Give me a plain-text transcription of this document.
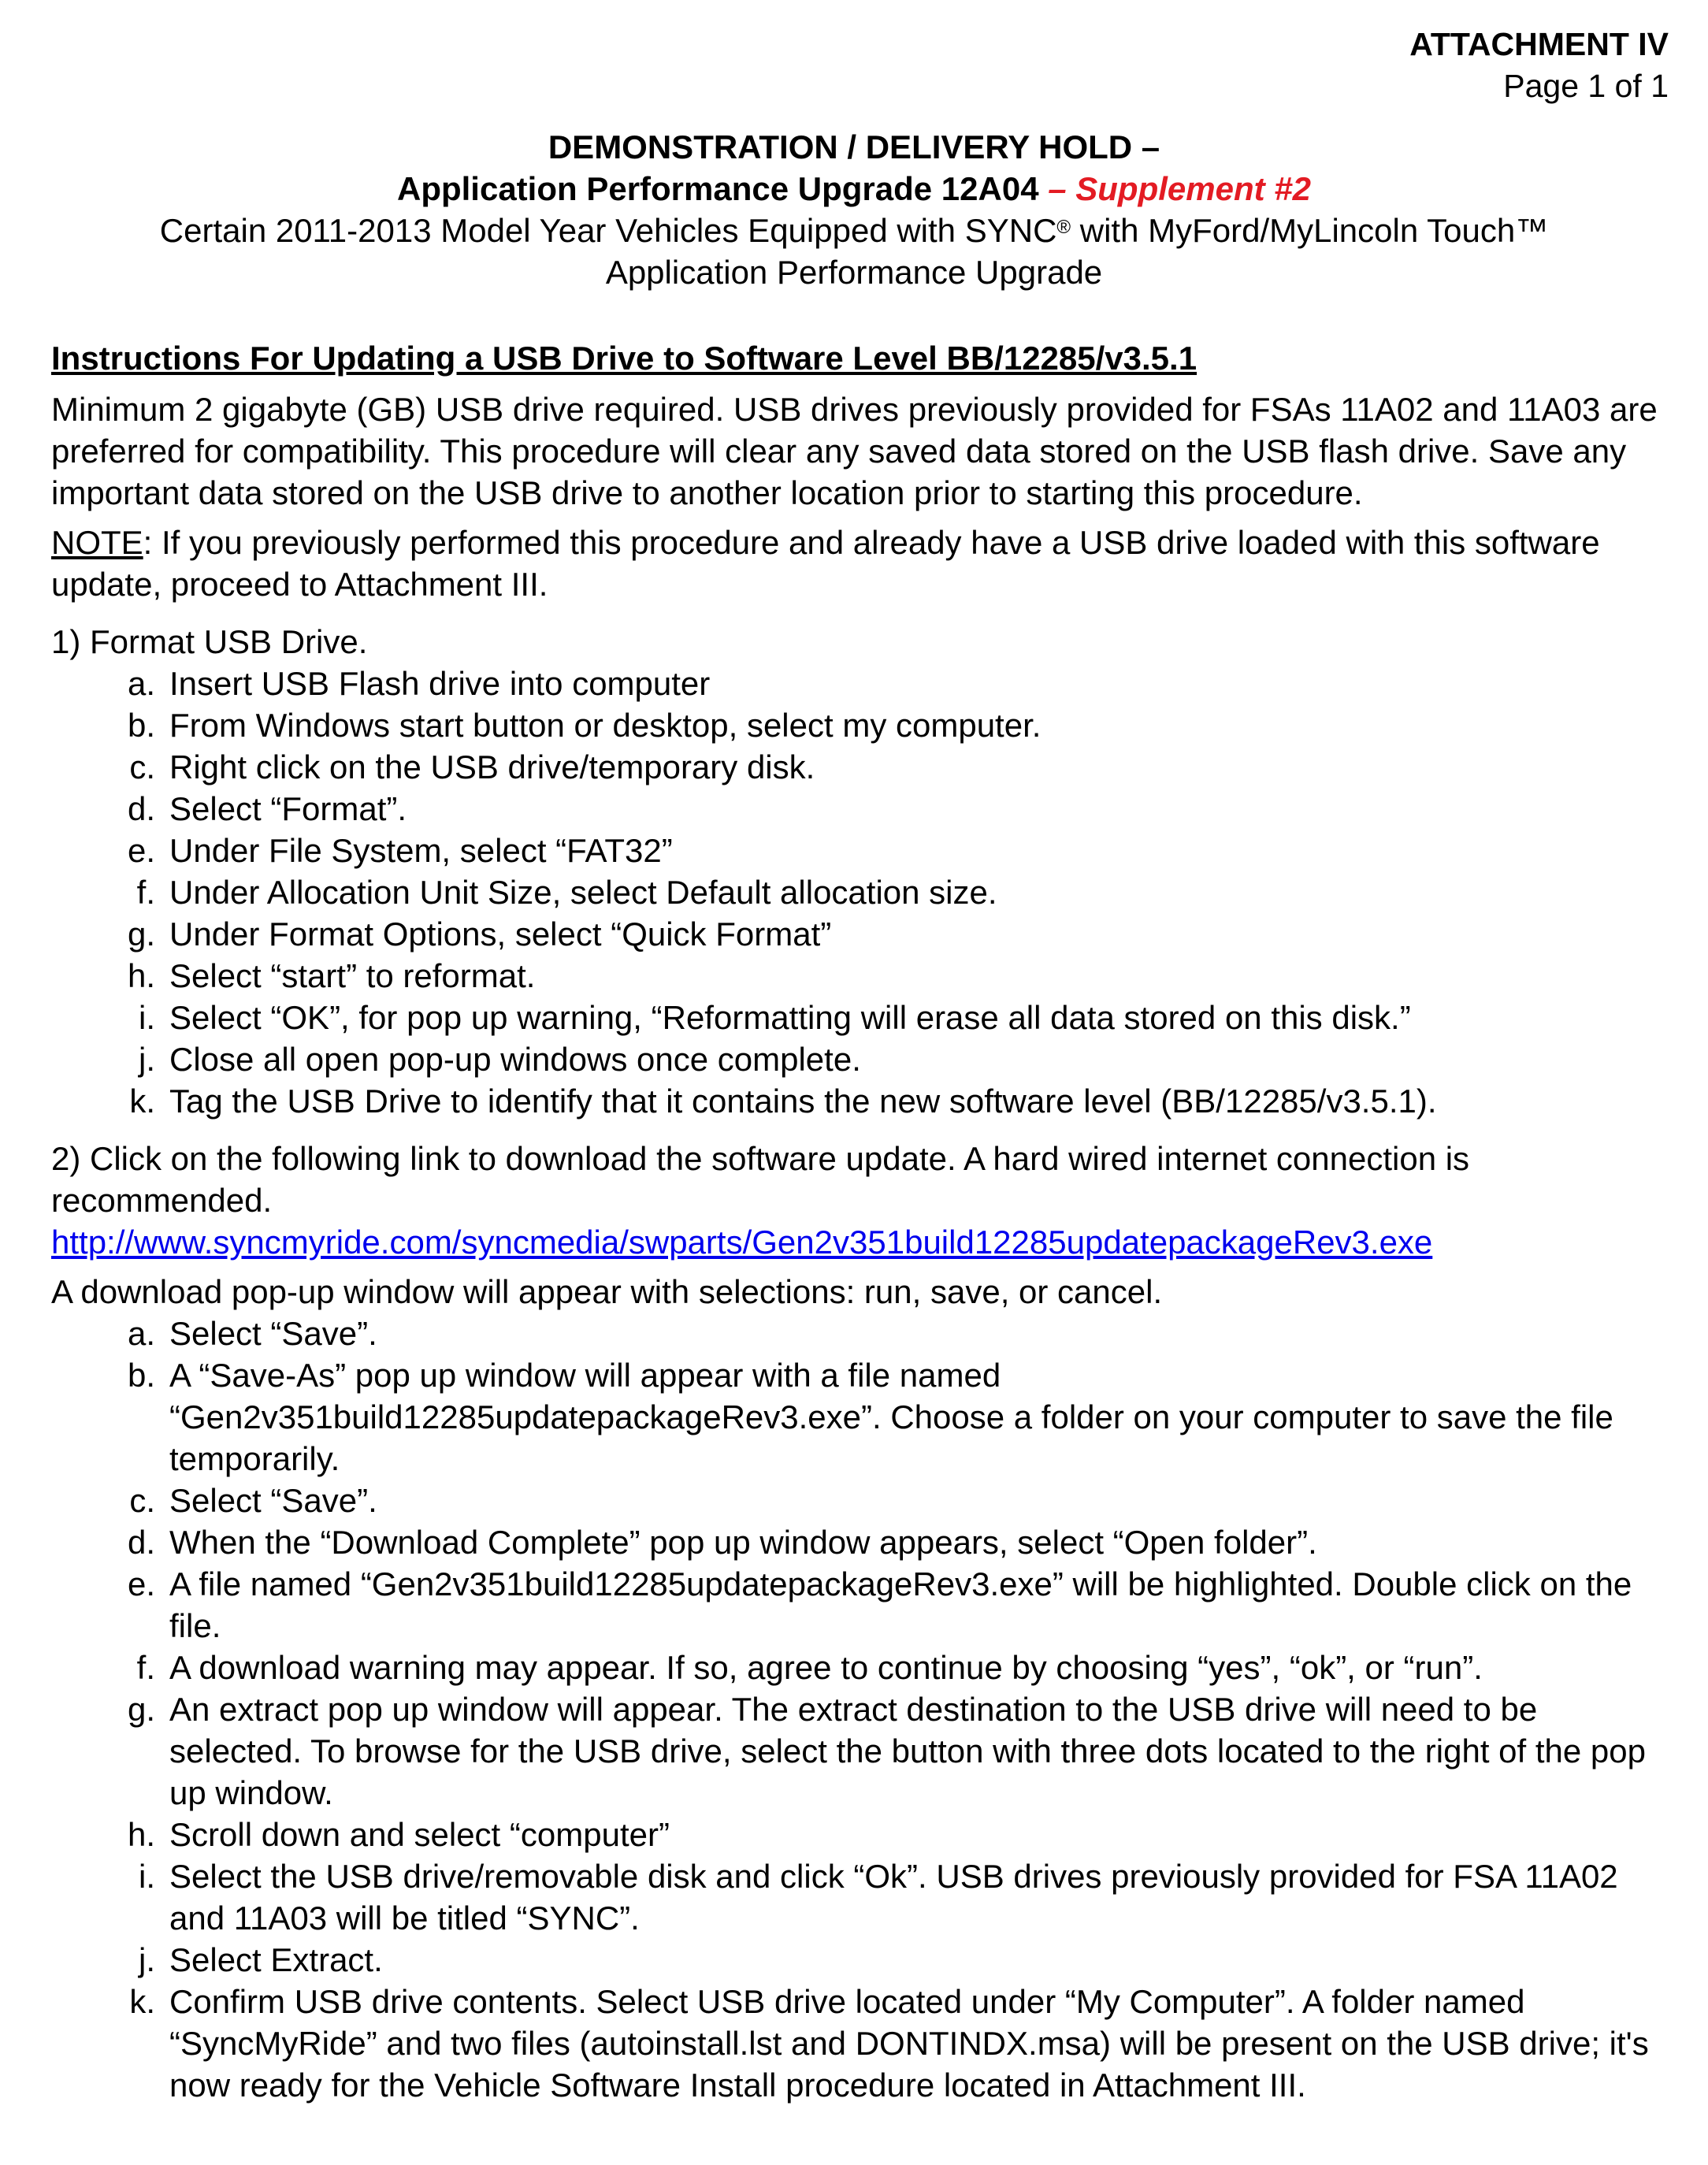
ATTACHMENT IV
Page 1 of 1
DEMONSTRATION / DELIVERY HOLD –
Application Performance Upgrade 12A04 – Supplement #2
Certain 2011-2013 Model Year Vehicles Equipped with SYNC® with MyFord/MyLincoln Touch™
Application Performance Upgrade

Instructions For Updating a USB Drive to Software Level BB/12285/v3.5.1

Minimum 2 gigabyte (GB) USB drive required. USB drives previously provided for FSAs 11A02 and 11A03 are preferred for compatibility. This procedure will clear any saved data stored on the USB flash drive. Save any important data stored on the USB drive to another location prior to starting this procedure.

NOTE: If you previously performed this procedure and already have a USB drive loaded with this software update, proceed to Attachment III.

1) Format USB Drive.

a. Insert USB Flash drive into computer
b. From Windows start button or desktop, select my computer.
c. Right click on the USB drive/temporary disk.
d. Select “Format”.
e. Under File System, select “FAT32”
f. Under Allocation Unit Size, select Default allocation size.
g. Under Format Options, select “Quick Format”
h. Select “start” to reformat.
i. Select “OK”, for pop up warning, “Reformatting will erase all data stored on this disk.”
j. Close all open pop-up windows once complete.
k. Tag the USB Drive to identify that it contains the new software level (BB/12285/v3.5.1).

2) Click on the following link to download the software update. A hard wired internet connection is recommended.

http://www.syncmyride.com/syncmedia/swparts/Gen2v351build12285updatepackageRev3.exe

A download pop-up window will appear with selections: run, save, or cancel.

a. Select “Save”.
b. A “Save-As” pop up window will appear with a file named “Gen2v351build12285updatepackageRev3.exe”. Choose a folder on your computer to save the file temporarily.
c. Select “Save”.
d. When the “Download Complete” pop up window appears, select “Open folder”.
e. A file named “Gen2v351build12285updatepackageRev3.exe” will be highlighted. Double click on the file.
f. A download warning may appear. If so, agree to continue by choosing “yes”, “ok”, or “run”.
g. An extract pop up window will appear. The extract destination to the USB drive will need to be selected. To browse for the USB drive, select the button with three dots located to the right of the pop up window.
h. Scroll down and select “computer”
i. Select the USB drive/removable disk and click “Ok”. USB drives previously provided for FSA 11A02 and 11A03 will be titled “SYNC”.
j. Select Extract.
k. Confirm USB drive contents. Select USB drive located under “My Computer”. A folder named “SyncMyRide” and two files (autoinstall.lst and DONTINDX.msa) will be present on the USB drive; it's now ready for the Vehicle Software Install procedure located in Attachment III.
